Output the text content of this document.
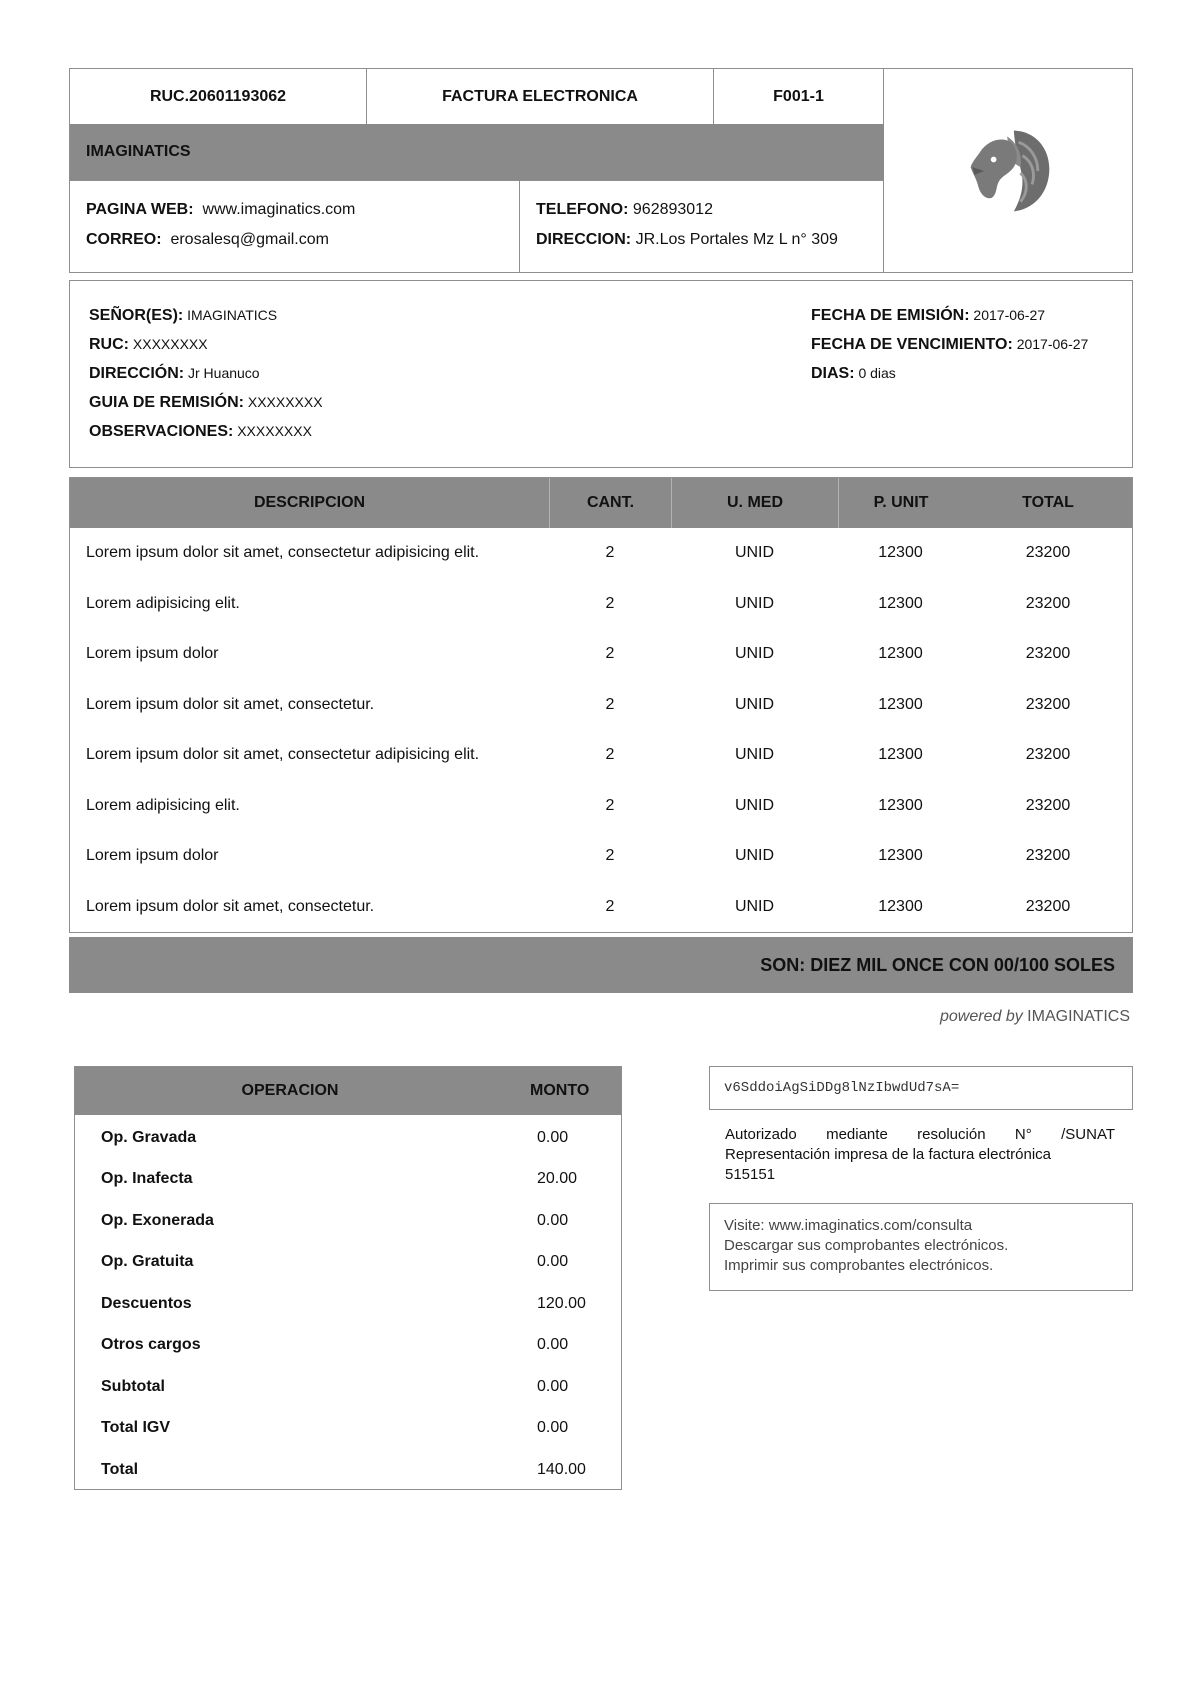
RUC.20601193062	FACTURA ELECTRONICA	F001-1
IMAGINATICS
PAGINA WEB: www.imaginatics.com
CORREO: erosalesq@gmail.com
TELEFONO: 962893012
DIRECCION: JR.Los Portales Mz L n° 309
SEÑOR(ES): IMAGINATICS
RUC: XXXXXXXX
DIRECCIÓN: Jr Huanuco
GUIA DE REMISIÓN: XXXXXXXX
OBSERVACIONES: XXXXXXXX
FECHA DE EMISIÓN: 2017-06-27
FECHA DE VENCIMIENTO: 2017-06-27
DIAS: 0 dias
DESCRIPCION	CANT.	U. MED	P. UNIT	TOTAL
Lorem ipsum dolor sit amet, consectetur adipisicing elit.	2	UNID	12300	23200
Lorem adipisicing elit.	2	UNID	12300	23200
Lorem ipsum dolor	2	UNID	12300	23200
Lorem ipsum dolor sit amet, consectetur.	2	UNID	12300	23200
Lorem ipsum dolor sit amet, consectetur adipisicing elit.	2	UNID	12300	23200
Lorem adipisicing elit.	2	UNID	12300	23200
Lorem ipsum dolor	2	UNID	12300	23200
Lorem ipsum dolor sit amet, consectetur.	2	UNID	12300	23200
SON: DIEZ MIL ONCE CON 00/100 SOLES
powered by IMAGINATICS
OPERACION	MONTO
Op. Gravada	0.00
Op. Inafecta	20.00
Op. Exonerada	0.00
Op. Gratuita	0.00
Descuentos	120.00
Otros cargos	0.00
Subtotal	0.00
Total IGV	0.00
Total	140.00
v6SddoiAgSiDDg8lNzIbwdUd7sA=
Autorizado mediante resolución N° /SUNAT Representación impresa de la factura electrónica
515151
Visite: www.imaginatics.com/consulta
Descargar sus comprobantes electrónicos.
Imprimir sus comprobantes electrónicos.
